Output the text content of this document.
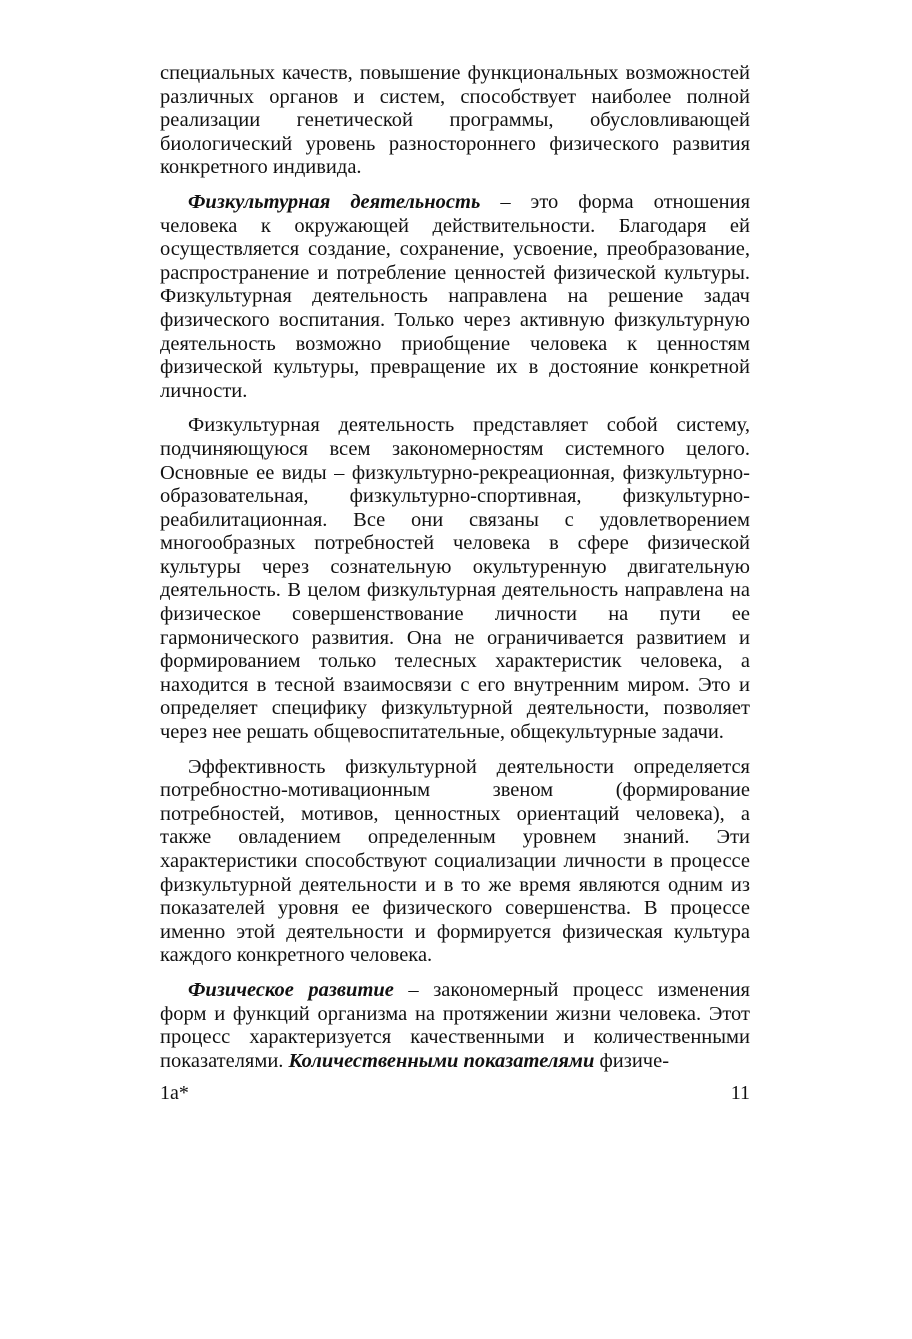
специальных качеств, повышение функциональных возможностей различных органов и систем, способствует наиболее полной реализации генетической программы, обусловливающей биологический уровень разностороннего физического развития конкретного индивида.

Физкультурная деятельность – это форма отношения человека к окружающей действительности. Благодаря ей осуществляется создание, сохранение, усвоение, преобразование, распространение и потребление ценностей физической культуры. Физкультурная деятельность направлена на решение задач физического воспитания. Только через активную физкультурную деятельность возможно приобщение человека к ценностям физической культуры, превращение их в достояние конкретной личности.

Физкультурная деятельность представляет собой систему, подчиняющуюся всем закономерностям системного целого. Основные ее виды – физкультурно-рекреационная, физкультурно-образовательная, физкультурно-спортивная, физкультурно-реабилитационная. Все они связаны с удовлетворением многообразных потребностей человека в сфере физической культуры через сознательную окультуренную двигательную деятельность. В целом физкультурная деятельность направлена на физическое совершенствование личности на пути ее гармонического развития. Она не ограничивается развитием и формированием только телесных характеристик человека, а находится в тесной взаимосвязи с его внутренним миром. Это и определяет специфику физкультурной деятельности, позволяет через нее решать общевоспитательные, общекультурные задачи.

Эффективность физкультурной деятельности определяется потребностно-мотивационным звеном (формирование потребностей, мотивов, ценностных ориентаций человека), а также овладением определенным уровнем знаний. Эти характеристики способствуют социализации личности в процессе физкультурной деятельности и в то же время являются одним из показателей уровня ее физического совершенства. В процессе именно этой деятельности и формируется физическая культура каждого конкретного человека.

Физическое развитие – закономерный процесс изменения форм и функций организма на протяжении жизни человека. Этот процесс характеризуется качественными и количественными показателями. Количественными показателями физиче-

1a*	11
